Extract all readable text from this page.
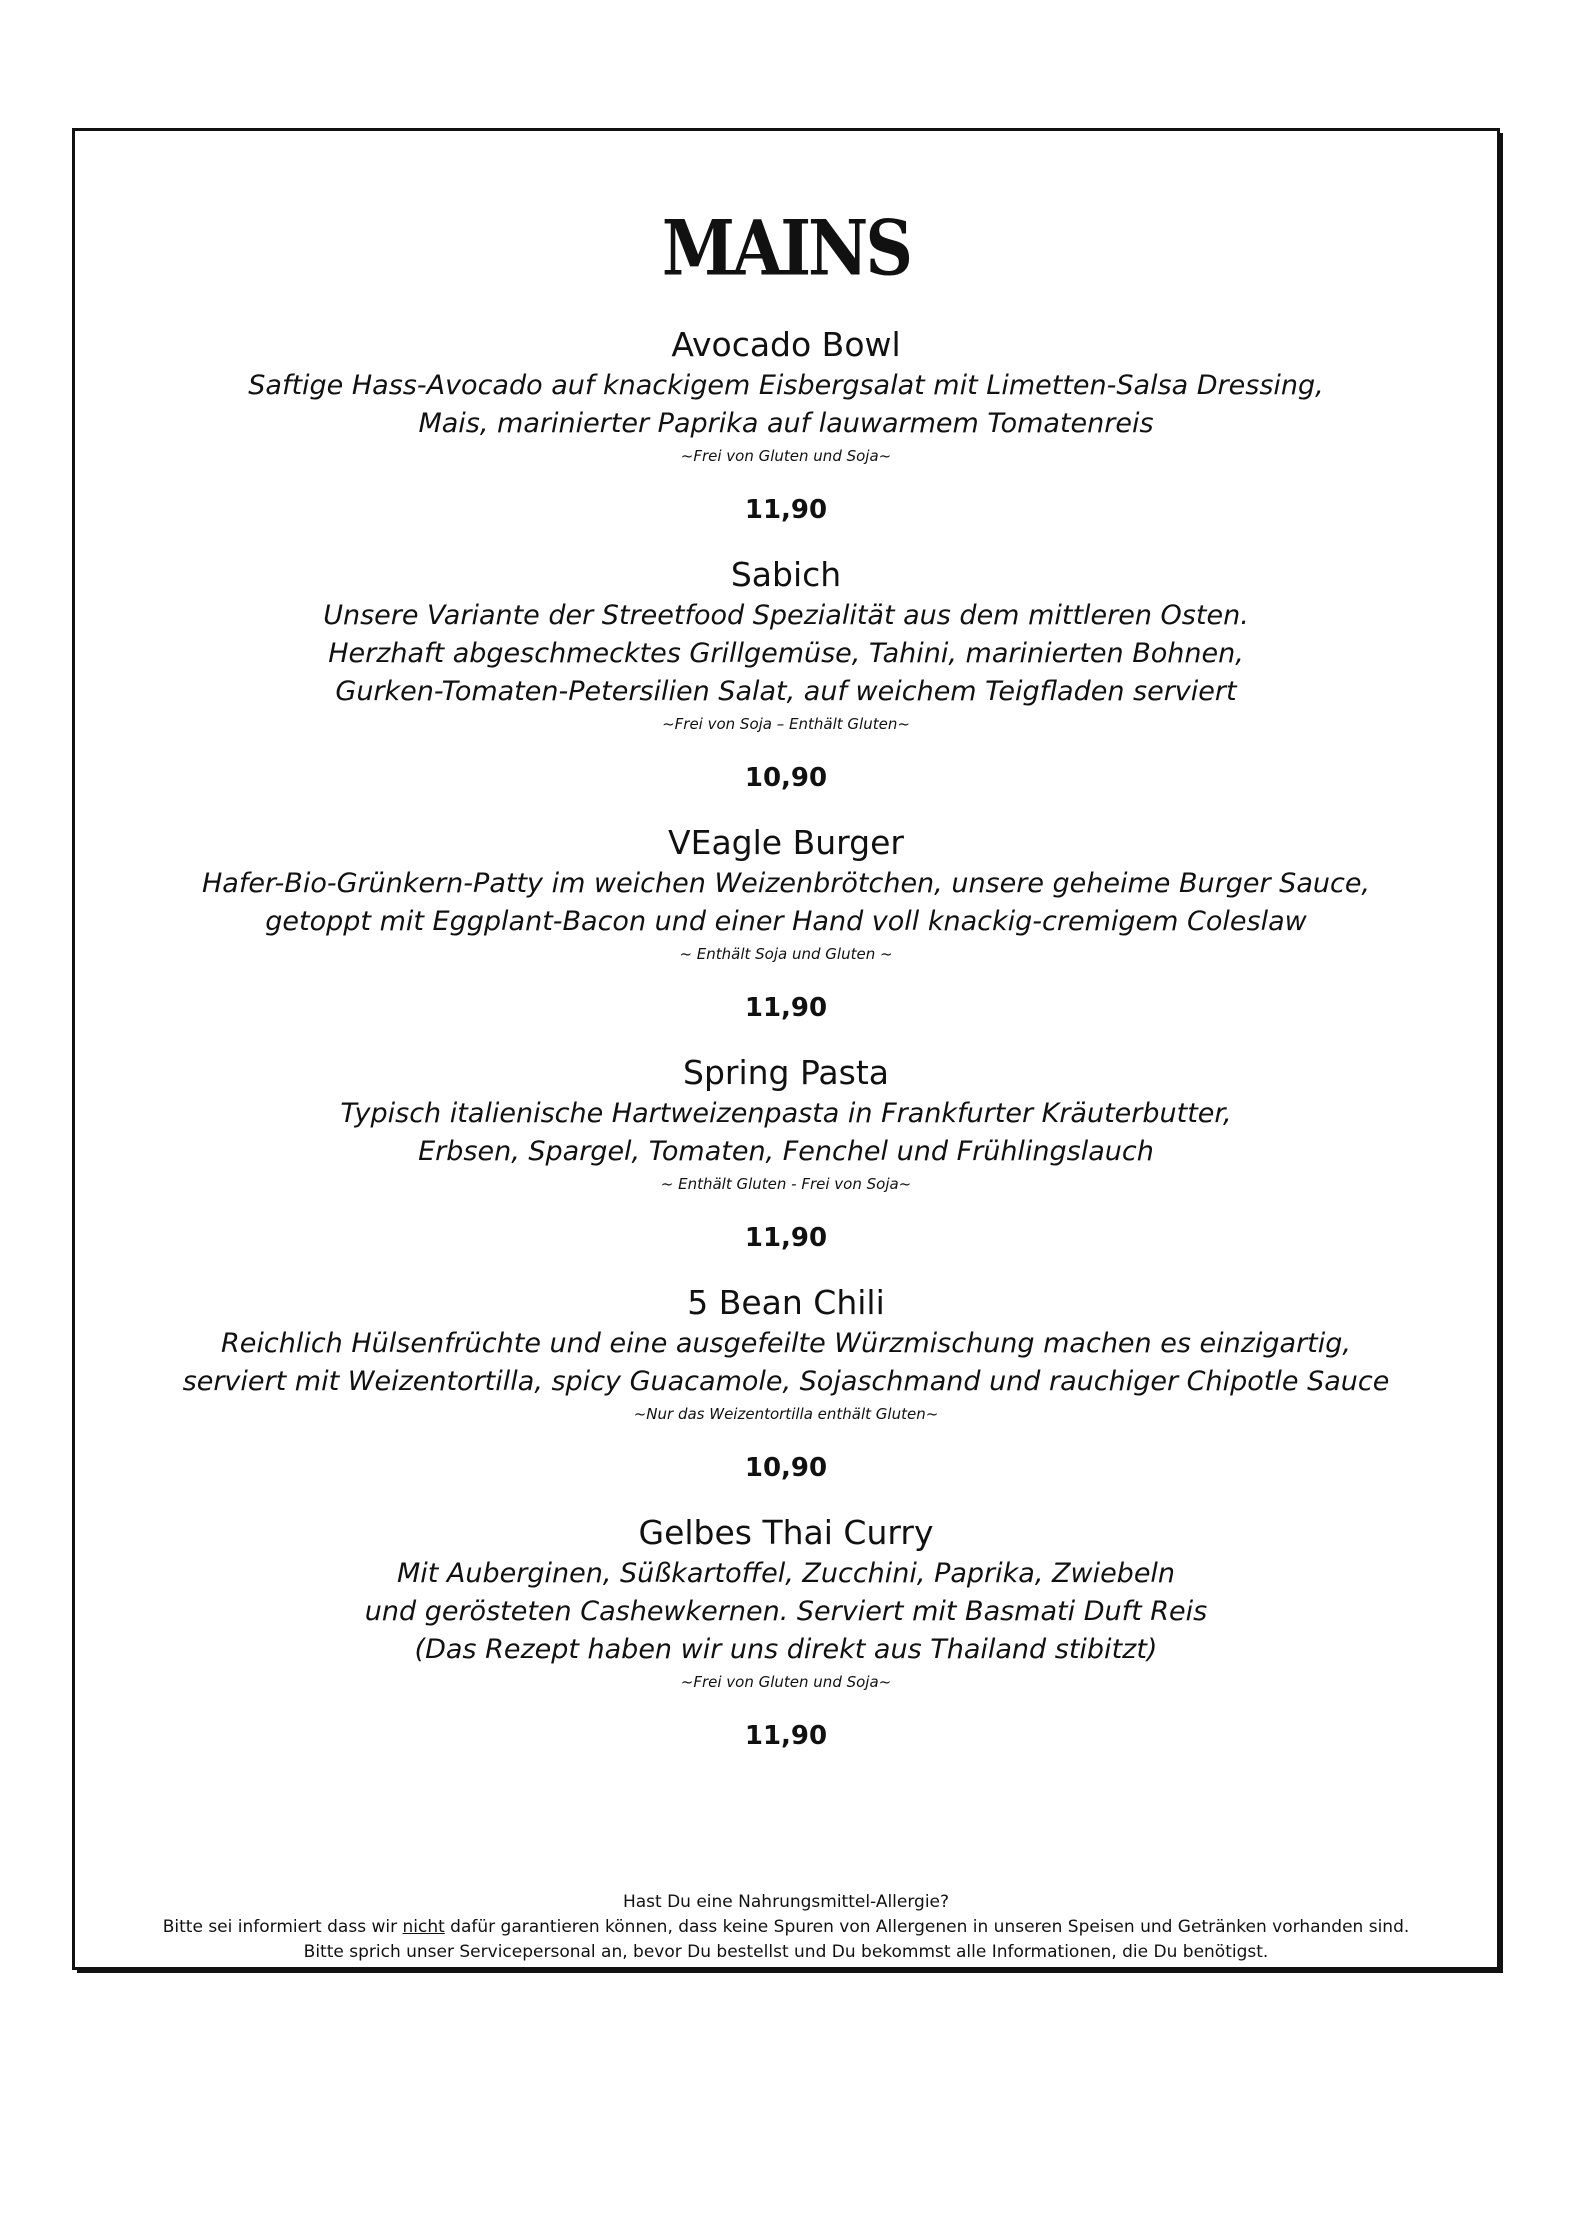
MAINS
Avocado Bowl
Saftige Hass-Avocado auf knackigem Eisbergsalat mit Limetten-Salsa Dressing,
Mais, marinierter Paprika auf lauwarmem Tomatenreis
~Frei von Gluten und Soja~
11,90
Sabich
Unsere Variante der Streetfood Spezialität aus dem mittleren Osten.
Herzhaft abgeschmecktes Grillgemüse, Tahini, marinierten Bohnen,
Gurken-Tomaten-Petersilien Salat, auf weichem Teigfladen serviert
~Frei von Soja – Enthält Gluten~
10,90
VEagle Burger
Hafer-Bio-Grünkern-Patty im weichen Weizenbrötchen, unsere geheime Burger Sauce,
getoppt mit Eggplant-Bacon und einer Hand voll knackig-cremigem Coleslaw
~ Enthält Soja und Gluten ~
11,90
Spring Pasta
Typisch italienische Hartweizenpasta in Frankfurter Kräuterbutter,
Erbsen, Spargel, Tomaten, Fenchel und Frühlingslauch
~ Enthält Gluten - Frei von Soja~
11,90
5 Bean Chili
Reichlich Hülsenfrüchte und eine ausgefeilte Würzmischung machen es einzigartig,
serviert mit Weizentortilla, spicy Guacamole, Sojaschmand und rauchiger Chipotle Sauce
~Nur das Weizentortilla enthält Gluten~
10,90
Gelbes Thai Curry
Mit Auberginen, Süßkartoffel, Zucchini, Paprika, Zwiebeln
und gerösteten Cashewkernen. Serviert mit Basmati Duft Reis
(Das Rezept haben wir uns direkt aus Thailand stibitzt)
~Frei von Gluten und Soja~
11,90
Hast Du eine Nahrungsmittel-Allergie?
Bitte sei informiert dass wir nicht dafür garantieren können, dass keine Spuren von Allergenen in unseren Speisen und Getränken vorhanden sind.
Bitte sprich unser Servicepersonal an, bevor Du bestellst und Du bekommst alle Informationen, die Du benötigst.
